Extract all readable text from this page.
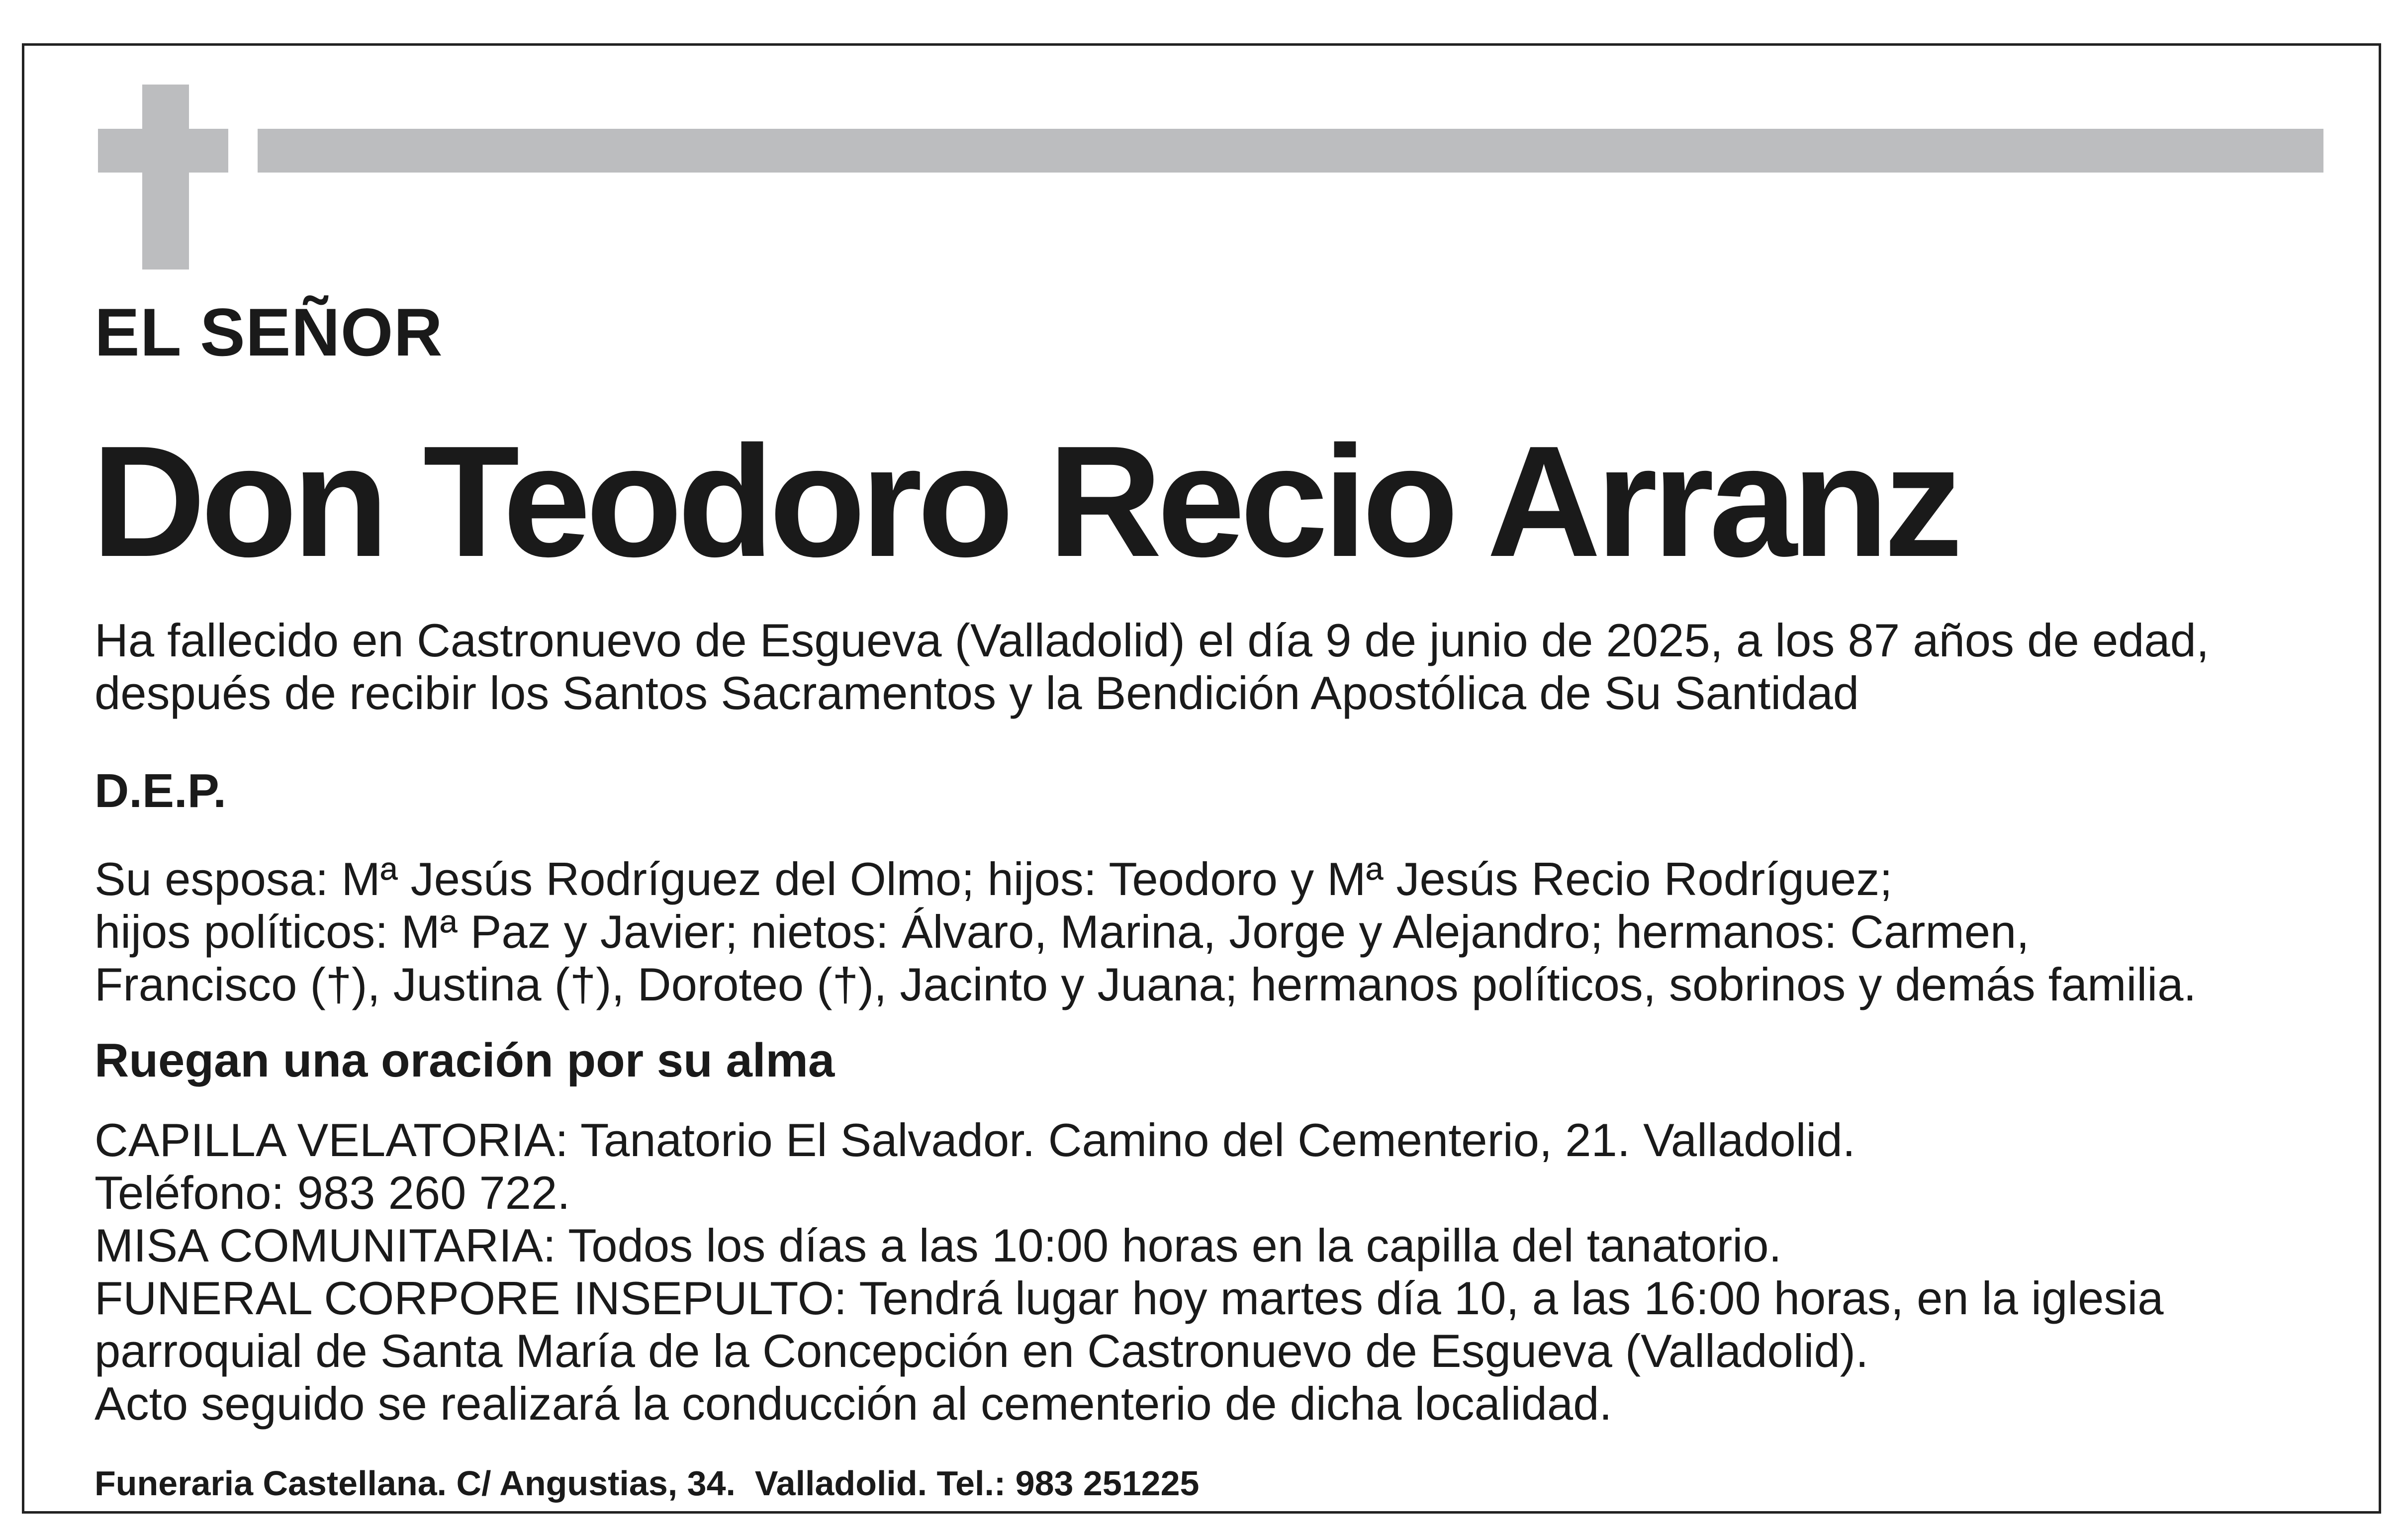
EL SEÑOR
Don Teodoro Recio Arranz
Ha fallecido en Castronuevo de Esgueva (Valladolid) el día 9 de junio de 2025, a los 87 años de edad,
después de recibir los Santos Sacramentos y la Bendición Apostólica de Su Santidad
D.E.P.
Su esposa: Mª Jesús Rodríguez del Olmo; hijos: Teodoro y Mª Jesús Recio Rodríguez;
hijos políticos: Mª Paz y Javier; nietos: Álvaro, Marina, Jorge y Alejandro; hermanos: Carmen,
Francisco (†), Justina (†), Doroteo (†), Jacinto y Juana; hermanos políticos, sobrinos y demás familia.
Ruegan una oración por su alma
CAPILLA VELATORIA: Tanatorio El Salvador. Camino del Cementerio, 21. Valladolid.
Teléfono: 983 260 722.
MISA COMUNITARIA: Todos los días a las 10:00 horas en la capilla del tanatorio.
FUNERAL CORPORE INSEPULTO: Tendrá lugar hoy martes día 10, a las 16:00 horas, en la iglesia
parroquial de Santa María de la Concepción en Castronuevo de Esgueva (Valladolid).
Acto seguido se realizará la conducción al cementerio de dicha localidad.
Funeraria Castellana. C/ Angustias, 34.  Valladolid. Tel.: 983 251225
